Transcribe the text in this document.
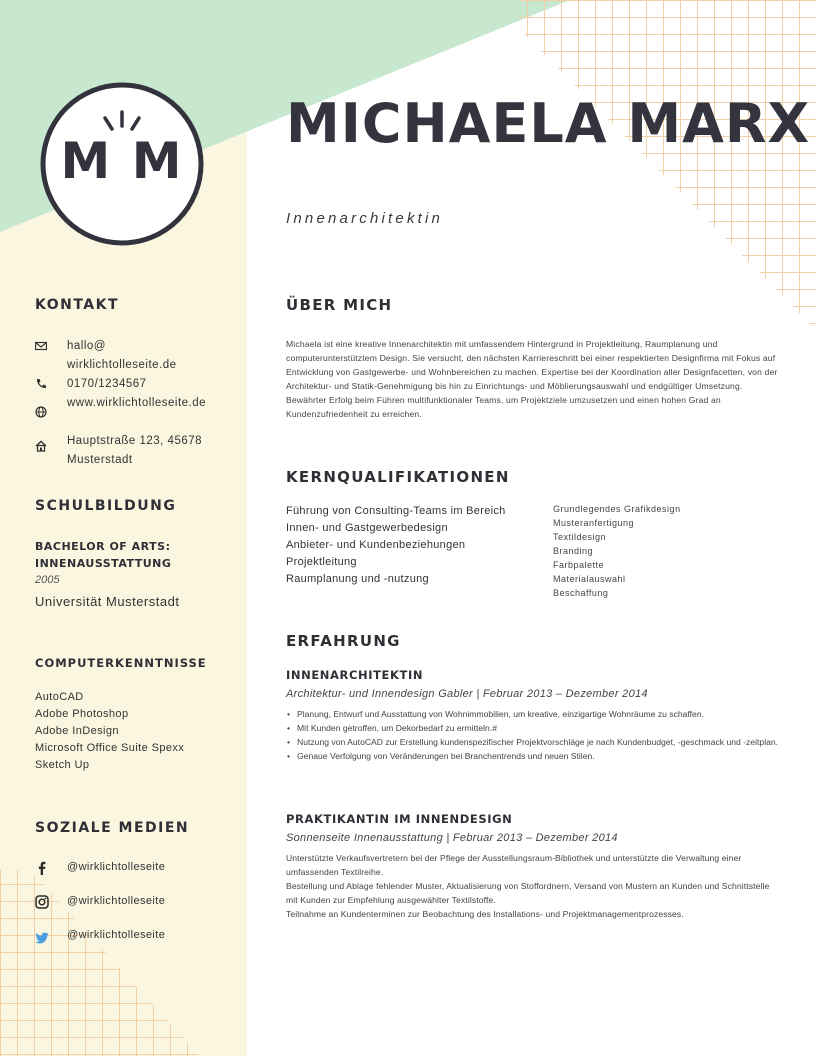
M M
KONTAKT
hallo@ wirklichtolleseite.de
0170/1234567
www.wirklichtolleseite.de
Hauptstraße 123, 45678 Musterstadt
SCHULBILDUNG
BACHELOR OF ARTS: INNENAUSSTATTUNG
2005
Universität Musterstadt
COMPUTERKENNTNISSE
AutoCAD
Adobe Photoshop
Adobe InDesign
Microsoft Office Suite Spexx
Sketch Up
SOZIALE MEDIEN
@wirklichtolleseite
@wirklichtolleseite
@wirklichtolleseite
MICHAELA MARX
Innenarchitektin
ÜBER MICH
Michaela ist eine kreative Innenarchitektin mit umfassendem Hintergrund in Projektleitung, Raumplanung und computerunterstütztem Design. Sie versucht, den nächsten Karriereschritt bei einer respektierten Designfirma mit Fokus auf Entwicklung von Gastgewerbe- und Wohnbereichen zu machen. Expertise bei der Koordination aller Designfacetten, von der Architektur- und Statik-Genehmigung bis hin zu Einrichtungs- und Möblierungsauswahl und endgültiger Umsetzung. Bewährter Erfolg beim Führen multifunktionaler Teams, um Projektziele umzusetzen und einen hohen Grad an Kundenzufriedenheit zu erreichen.
KERNQUALIFIKATIONEN
Führung von Consulting-Teams im Bereich Innen- und Gastgewerbedesign
Anbieter- und Kundenbeziehungen
Projektleitung
Raumplanung und -nutzung
Grundlegendes Grafikdesign
Musteranfertigung
Textildesign
Branding
Farbpalette
Materialauswahl
Beschaffung
ERFAHRUNG
INNENARCHITEKTIN
Architektur- und Innendesign Gabler | Februar 2013 – Dezember 2014
• Planung, Entwurf und Ausstattung von Wohnimmobilien, um kreative, einzigartige Wohnräume zu schaffen.
• Mit Kunden getroffen, um Dekorbedarf zu ermitteln.#
• Nutzung von AutoCAD zur Erstellung kundenspezifischer Projektvorschläge je nach Kundenbudget, -geschmack und -zeitplan.
• Genaue Verfolgung von Veränderungen bei Branchentrends und neuen Stilen.
PRAKTIKANTIN IM INNENDESIGN
Sonnenseite Innenausstattung | Februar 2013 – Dezember 2014
Unterstützte Verkaufsvertretern bei der Pflege der Ausstellungsraum-Bibliothek und unterstützte die Verwaltung einer umfassenden Textilreihe.
Bestellung und Ablage fehlender Muster, Aktualisierung von Stoffordnern, Versand von Mustern an Kunden und Schnittstelle mit Kunden zur Empfehlung ausgewählter Textilstoffe.
Teilnahme an Kundenterminen zur Beobachtung des Installations- und Projektmanagementprozesses.
